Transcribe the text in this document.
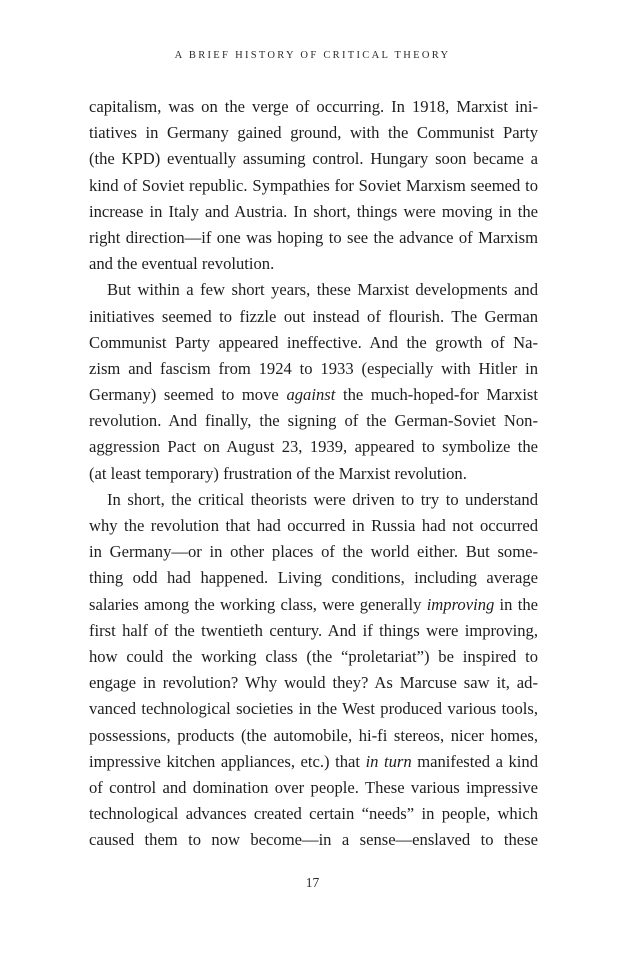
A BRIEF HISTORY OF CRITICAL THEORY

capitalism, was on the verge of occurring. In 1918, Marxist ini-
tiatives in Germany gained ground, with the Communist Party
(the KPD) eventually assuming control. Hungary soon became a
kind of Soviet republic. Sympathies for Soviet Marxism seemed to
increase in Italy and Austria. In short, things were moving in the
right direction—if one was hoping to see the advance of Marxism
and the eventual revolution.

But within a few short years, these Marxist developments and
initiatives seemed to fizzle out instead of flourish. The German
Communist Party appeared ineffective. And the growth of Na-
zism and fascism from 1924 to 1933 (especially with Hitler in
Germany) seemed to move against the much-hoped-for Marxist
revolution. And finally, the signing of the German-Soviet Non-
aggression Pact on August 23, 1939, appeared to symbolize the
(at least temporary) frustration of the Marxist revolution.

In short, the critical theorists were driven to try to understand
why the revolution that had occurred in Russia had not occurred
in Germany—or in other places of the world either. But some-
thing odd had happened. Living conditions, including average
salaries among the working class, were generally improving in the
first half of the twentieth century. And if things were improving,
how could the working class (the “proletariat”) be inspired to
engage in revolution? Why would they? As Marcuse saw it, ad-
vanced technological societies in the West produced various tools,
possessions, products (the automobile, hi-fi stereos, nicer homes,
impressive kitchen appliances, etc.) that in turn manifested a kind
of control and domination over people. These various impressive
technological advances created certain “needs” in people, which
caused them to now become—in a sense—enslaved to these

17
